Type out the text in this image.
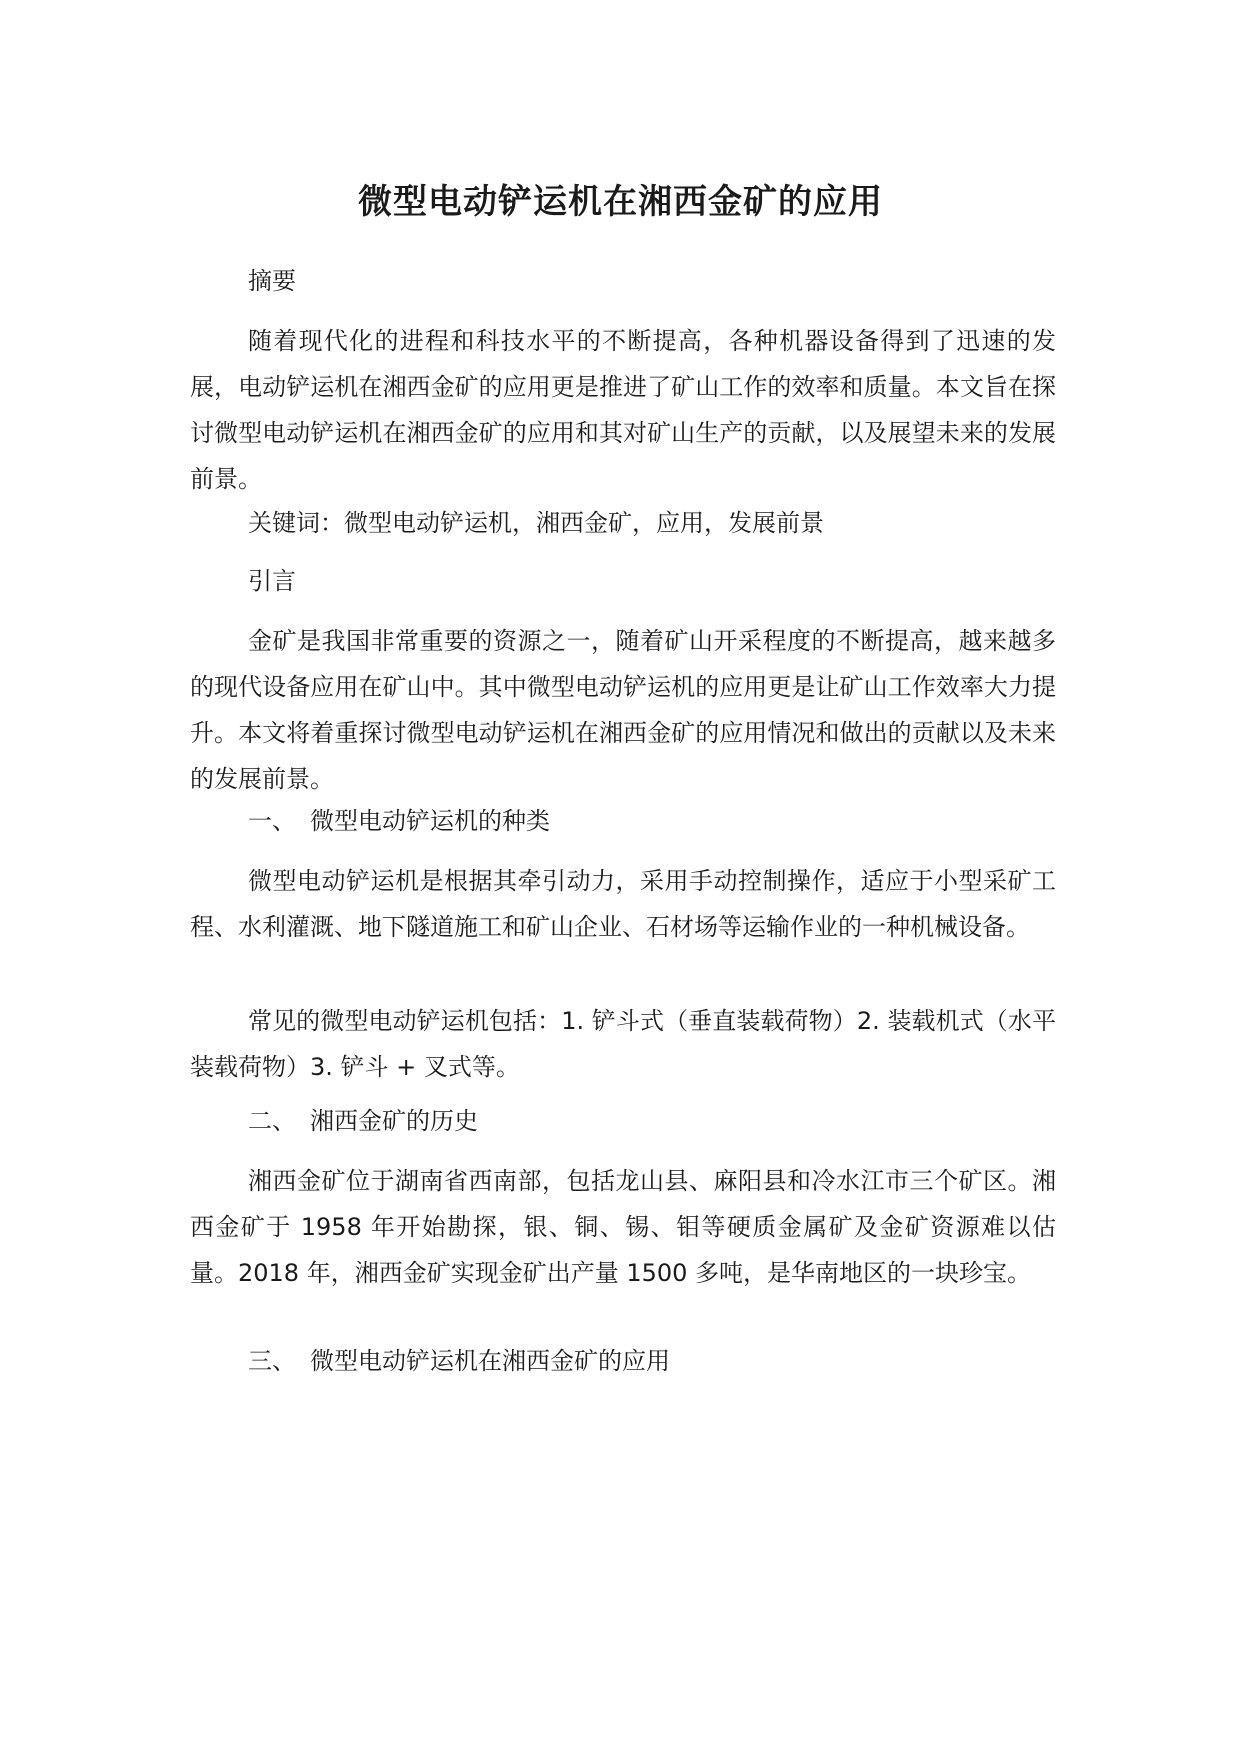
微型电动铲运机在湘西金矿的应用

摘要

随着现代化的进程和科技水平的不断提高，各种机器设备得到了迅速的发展，电动铲运机在湘西金矿的应用更是推进了矿山工作的效率和质量。本文旨在探讨微型电动铲运机在湘西金矿的应用和其对矿山生产的贡献，以及展望未来的发展前景。

关键词：微型电动铲运机，湘西金矿，应用，发展前景

引言

金矿是我国非常重要的资源之一，随着矿山开采程度的不断提高，越来越多的现代设备应用在矿山中。其中微型电动铲运机的应用更是让矿山工作效率大力提升。本文将着重探讨微型电动铲运机在湘西金矿的应用情况和做出的贡献以及未来的发展前景。

一、 微型电动铲运机的种类

微型电动铲运机是根据其牵引动力，采用手动控制操作，适应于小型采矿工程、水利灌溉、地下隧道施工和矿山企业、石材场等运输作业的一种机械设备。

常见的微型电动铲运机包括：1. 铲斗式（垂直装载荷物）2. 装载机式（水平装载荷物）3. 铲斗 + 叉式等。

二、 湘西金矿的历史

湘西金矿位于湖南省西南部，包括龙山县、麻阳县和冷水江市三个矿区。湘西金矿于 1958 年开始勘探，银、铜、锡、钼等硬质金属矿及金矿资源难以估量。2018 年，湘西金矿实现金矿出产量 1500 多吨，是华南地区的一块珍宝。

三、 微型电动铲运机在湘西金矿的应用
